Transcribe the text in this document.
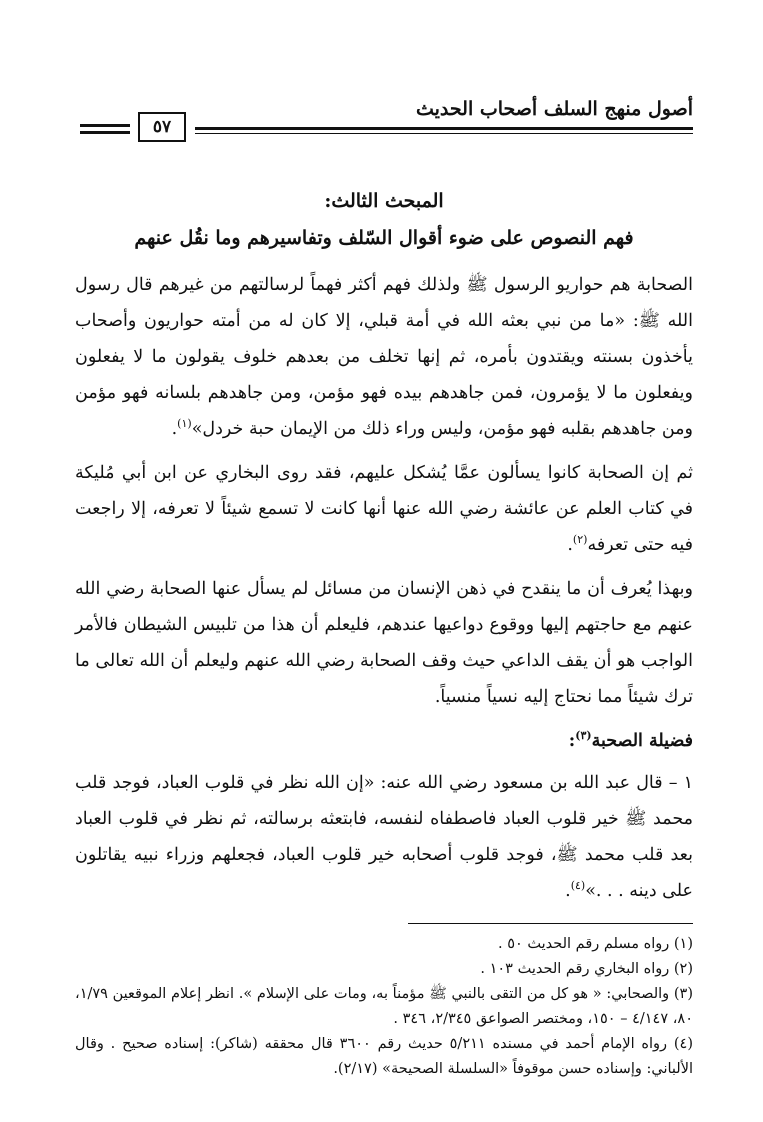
أصول منهج السلف أصحاب الحديث
٥٧

المبحث الثالث:

فهم النصوص على ضوء أقوال السّلف وتفاسيرهم وما نقُل عنهم

الصحابة هم حواريو الرسول ﷺ ولذلك فهم أكثر فهماً لرسالتهم من غيرهم قال رسول الله ﷺ: «ما من نبي بعثه الله في أمة قبلي، إلا كان له من أمته حواريون وأصحاب يأخذون بسنته ويقتدون بأمره، ثم إنها تخلف من بعدهم خلوف يقولون ما لا يفعلون ويفعلون ما لا يؤمرون، فمن جاهدهم بيده فهو مؤمن، ومن جاهدهم بلسانه فهو مؤمن ومن جاهدهم بقلبه فهو مؤمن، وليس وراء ذلك من الإيمان حبة خردل»$^{(١)}$.

ثم إن الصحابة كانوا يسألون عمَّا يُشكل عليهم، فقد روى البخاري عن ابن أبي مُليكة في كتاب العلم عن عائشة رضي الله عنها أنها كانت لا تسمع شيئاً لا تعرفه، إلا راجعت فيه حتى تعرفه$^{(٢)}$.

وبهذا يُعرف أن ما ينقدح في ذهن الإنسان من مسائل لم يسأل عنها الصحابة رضي الله عنهم مع حاجتهم إليها ووقوع دواعيها عندهم، فليعلم أن هذا من تلبيس الشيطان فالأمر الواجب هو أن يقف الداعي حيث وقف الصحابة رضي الله عنهم وليعلم أن الله تعالى ما ترك شيئاً مما نحتاج إليه نسياً منسياً.

فضيلة الصحبة$^{(٣)}$:

١ – قال عبد الله بن مسعود رضي الله عنه: «إن الله نظر في قلوب العباد، فوجد قلب محمد ﷺ خير قلوب العباد فاصطفاه لنفسه، فابتعثه برسالته، ثم نظر في قلوب العباد بعد قلب محمد ﷺ، فوجد قلوب أصحابه خير قلوب العباد، فجعلهم وزراء نبيه يقاتلون على دينه . . .»$^{(٤)}$.

(١) رواه مسلم رقم الحديث ٥٠ .

(٢) رواه البخاري رقم الحديث ١٠٣ .

(٣) والصحابي: « هو كل من التقى بالنبي ﷺ مؤمناً به، ومات على الإسلام ». انظر إعلام الموقعين ١/٧٩، ٨٠، ٤/١٤٧ – ١٥٠، ومختصر الصواعق ٢/٣٤٥، ٣٤٦ .

(٤) رواه الإمام أحمد في مسنده ٥/٢١١ حديث رقم ٣٦٠٠ قال محققه (شاكر): إسناده صحيح . وقال الألباني: وإسناده حسن موقوفاً «السلسلة الصحيحة» (٢/١٧).
